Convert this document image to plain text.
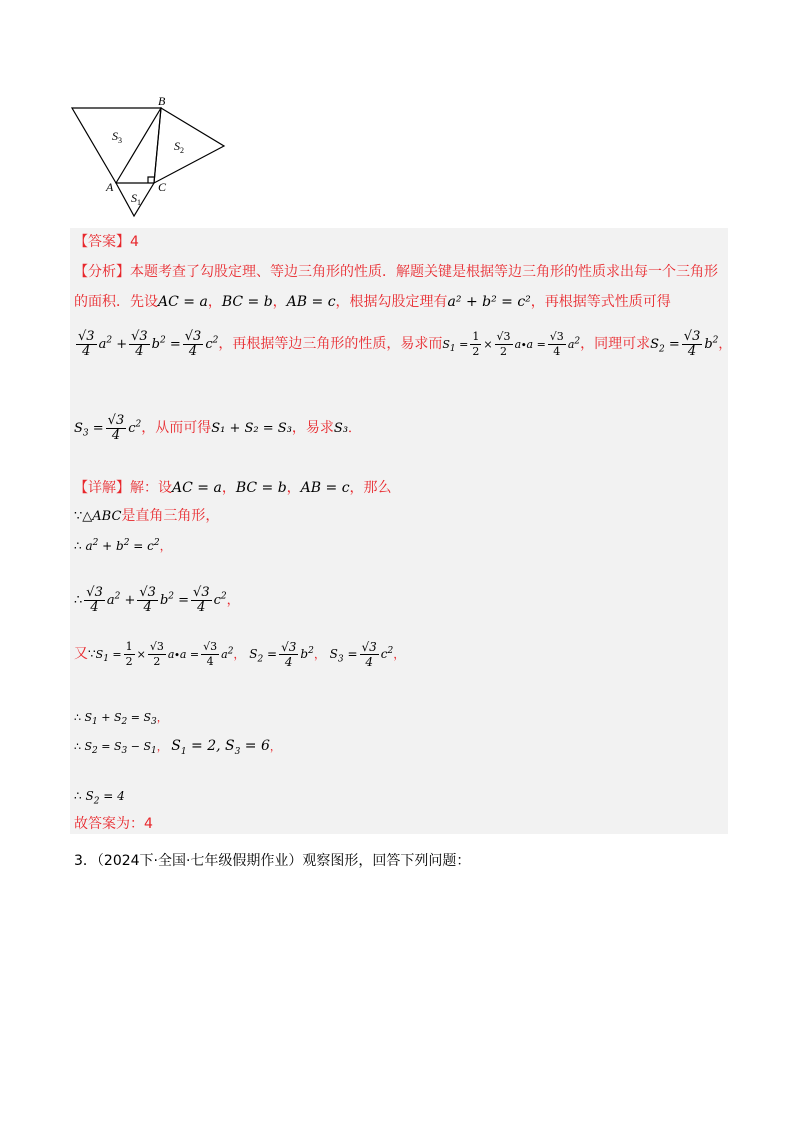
B
A	C
$S_3$	$S_2$
$S_1$
【答案】4
【分析】本题考查了勾股定理、等边三角形的性质．解题关键是根据等边三角形的性质求出每一个三角形
的面积．先设AC = a，BC = b，AB = c，根据勾股定理有a² + b² = c²，再根据等式性质可得
$\frac{√3}{4} a^2 + \frac{√3}{4} b^2 = \frac{√3}{4} c^2$，再根据等边三角形的性质，易求而$S_1 = \frac{1}{2} \times \frac{√3}{2} a\cdot a = \frac{√3}{4} a^2$，同理可求$S_2 = \frac{√3}{4} b^2$，
$S_3 = \frac{√3}{4} c^2$，从而可得S₁ + S₂ = S₃，易求S₃．
【详解】解：设AC = a，BC = b，AB = c，那么
∵△ABC是直角三角形，
∴ $a^2 + b^2 = c^2$，
∴ $\frac{√3}{4} a^2 + \frac{√3}{4} b^2 = \frac{√3}{4} c^2$，
又$\because S_1 = \frac{1}{2} \times \frac{√3}{2} a\cdot a = \frac{√3}{4} a^2$， $S_2 = \frac{√3}{4} b^2$， $S_3 = \frac{√3}{4} c^2$，
∴ $S_1 + S_2 = S_3$，
∴ $S_2 = S_3 - S_1$， $S_1 = 2$, $S_3 = 6$，
∴ $S_2 = 4$
故答案为：4
3．（2024下·全国·七年级假期作业）观察图形，回答下列问题：
